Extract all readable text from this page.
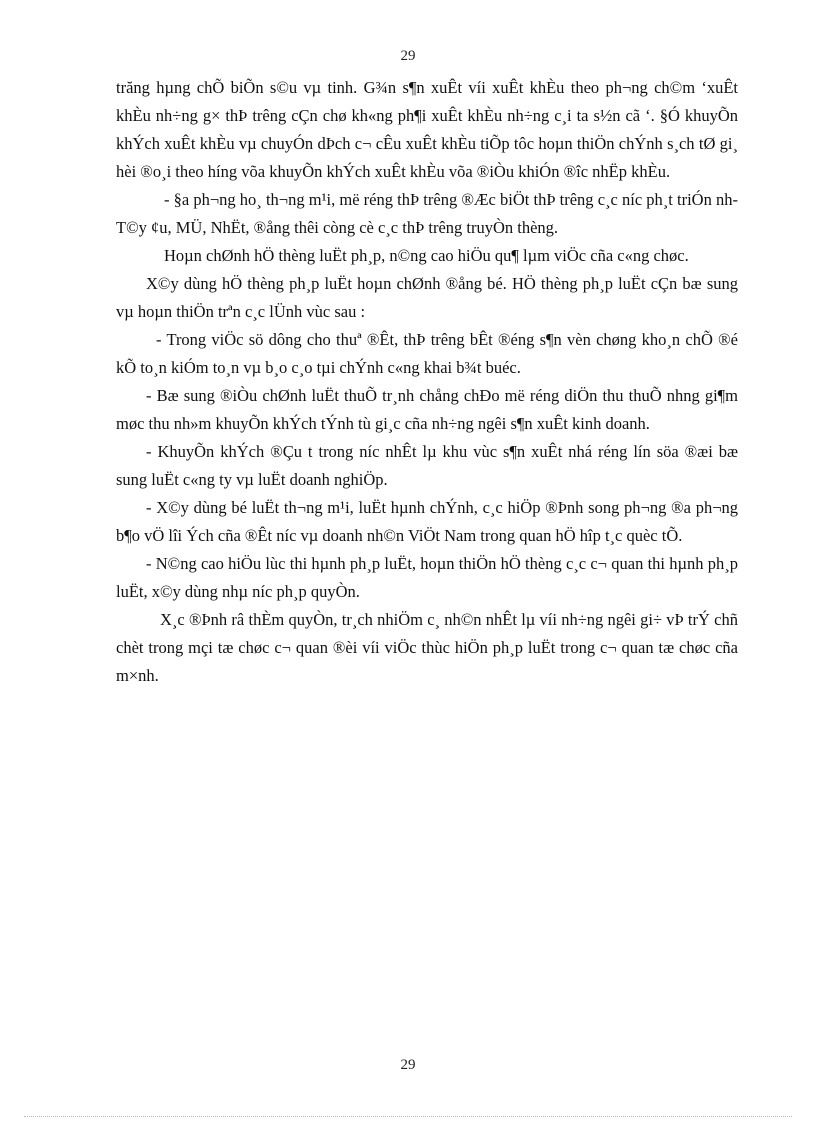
29

trăng hµng chÕ biÕn s©u vµ tinh. G¾n s¶n xuÊt víi xuÊt khÈu theo ph¬ng ch©m ‘xuÊt khÈu nh÷ng g× thÞ trêng cÇn chø kh«ng ph¶i xuÊt khÈu nh÷ng c¸i ta s½n cã ‘. §Ó khuyÕn khÝch xuÊt khÈu vµ chuyÓn dÞch c¬ cÊu xuÊt khÈu tiÕp tôc hoµn thiÖn chÝnh s¸ch tØ gi¸ hèi ®o¸i theo híng võa khuyÕn khÝch xuÊt khÈu võa ®iÒu khiÓn ®îc nhËp khÈu.

- §a ph¬ng ho¸ th¬ng m¹i, më réng thÞ trêng ®Æc biÖt thÞ trêng c¸c níc ph¸t triÓn nh T©y ¢u, MÜ, NhËt, ®ång thêi còng cè c¸c thÞ trêng truyÒn thèng.

Hoµn chØnh hÖ thèng luËt ph¸p, n©ng cao hiÖu qu¶ lµm viÖc cña c«ng chøc.

X©y dùng hÖ thèng ph¸p luËt hoµn chØnh ®ång bé. HÖ thèng ph¸p luËt cÇn bæ sung vµ hoµn thiÖn trªn c¸c lÜnh vùc sau :

- Trong viÖc sö dông cho thuª ®Êt, thÞ trêng bÊt ®éng s¶n vèn chøng kho¸n chÕ ®é kÕ to¸n kiÓm to¸n vµ b¸o c¸o tµi chÝnh c«ng khai b¾t buéc.

- Bæ sung ®iÒu chØnh luËt thuÕ tr¸nh chång chÐo më réng diÖn thu thuÕ nhng gi¶m møc thu nh»m khuyÕn khÝch tÝnh tù gi¸c cña nh÷ng ngêi s¶n xuÊt kinh doanh.

- KhuyÕn khÝch ®Çu t trong níc nhÊt lµ khu vùc s¶n xuÊt nhá réng lín söa ®æi bæ sung luËt c«ng ty vµ luËt doanh nghiÖp.

- X©y dùng bé luËt th¬ng m¹i, luËt hµnh chÝnh, c¸c hiÖp ®Þnh song ph¬ng ®a ph¬ng b¶o vÖ lîi Ých cña ®Êt níc vµ doanh nh©n ViÖt Nam trong quan hÖ hîp t¸c quèc tÕ.

- N©ng cao hiÖu lùc thi hµnh ph¸p luËt, hoµn thiÖn hÖ thèng c¸c c¬ quan thi hµnh ph¸p luËt, x©y dùng nhµ níc ph¸p quyÒn.

X¸c ®Þnh râ thÈm quyÒn, tr¸ch nhiÖm c¸ nh©n nhÊt lµ víi nh÷ng ngêi gi÷ vÞ trÝ chñ chèt trong mçi tæ chøc c¬ quan ®èi víi viÖc thùc hiÖn ph¸p luËt trong c¬ quan tæ chøc cña m×nh.

29
